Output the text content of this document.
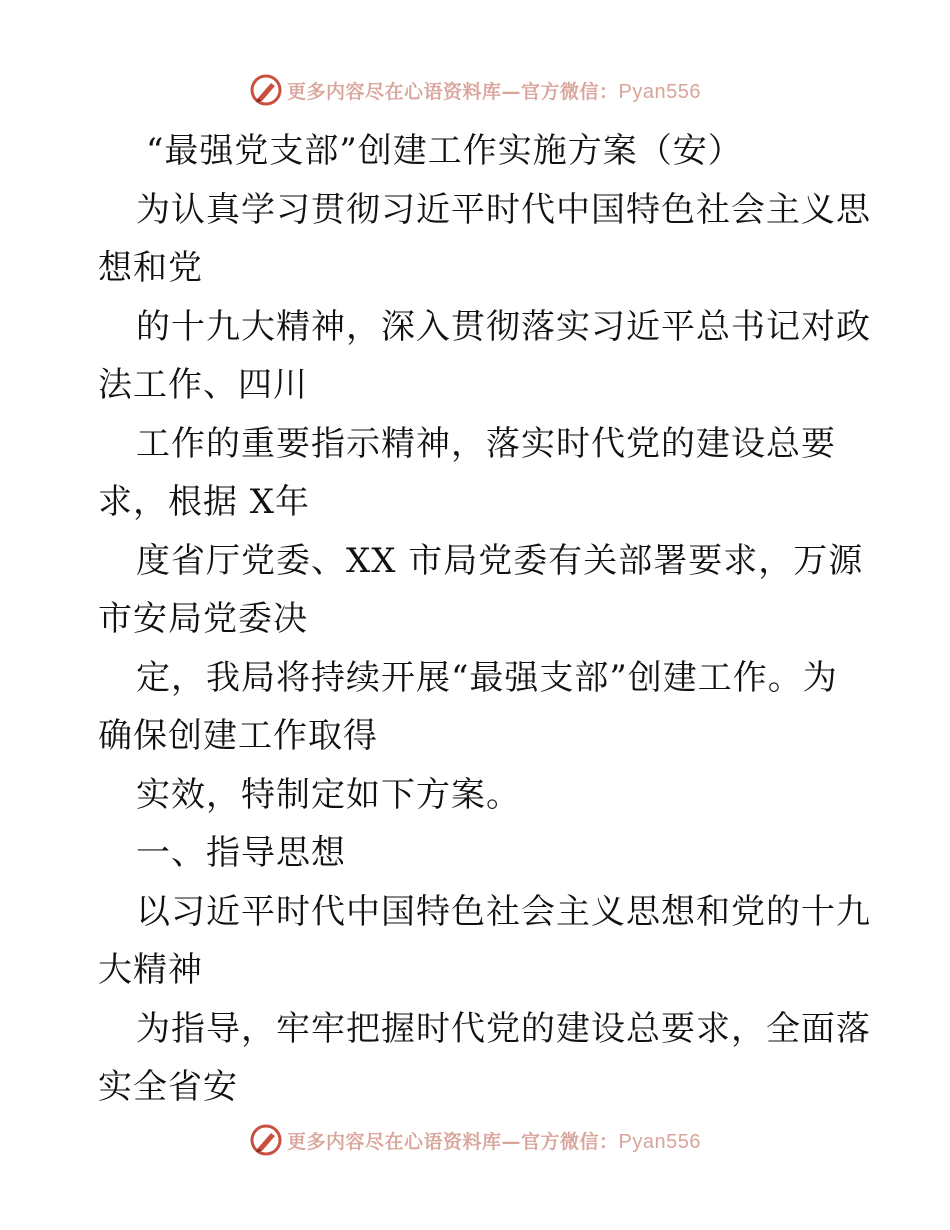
更多内容尽在心语资料库—官方微信：Pyan556
“最强党支部”创建工作实施方案（安）
为认真学习贯彻习近平时代中国特色社会主义思
想和党
的十九大精神，深入贯彻落实习近平总书记对政
法工作、四川
工作的重要指示精神，落实时代党的建设总要
求，根据 X年
度省厅党委、XX 市局党委有关部署要求，万源
市安局党委决
定，我局将持续开展“最强支部”创建工作。为
确保创建工作取得
实效，特制定如下方案。
一、指导思想
以习近平时代中国特色社会主义思想和党的十九
大精神
为指导，牢牢把握时代党的建设总要求，全面落
实全省安
更多内容尽在心语资料库—官方微信：Pyan556
